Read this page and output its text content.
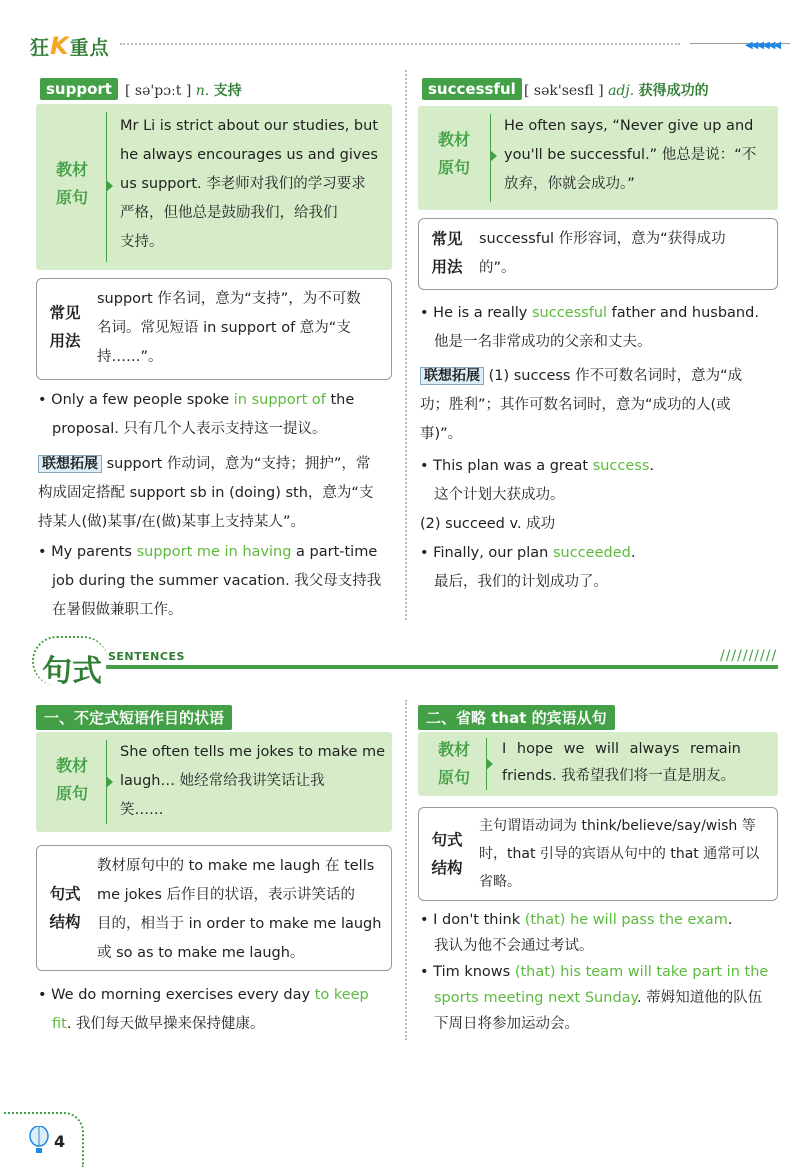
狂K重点	◀◀◀◀◀◀
support [ sə'pɔːt ] n. 支持
教材
原句
Mr Li is strict about our studies, but
he always encourages us and gives
us support. 李老师对我们的学习要求
严格，但他总是鼓励我们，给我们
支持。
常见
用法
support 作名词，意为“支持”，为不可数
名词。常见短语 in support of 意为“支
持……”。
• Only a few people spoke in support of the
proposal. 只有几个人表示支持这一提议。
联想拓展 support 作动词，意为“支持；拥护”，常
构成固定搭配 support sb in (doing) sth，意为“支
持某人(做)某事/在(做)某事上支持某人”。
• My parents support me in having a part-time
job during the summer vacation. 我父母支持我
在暑假做兼职工作。
successful [ sək'sesfl ] adj. 获得成功的
教材
原句
He often says, “Never give up and
you'll be successful.” 他总是说：“不
放弃，你就会成功。”
常见
用法
successful 作形容词，意为“获得成功
的”。
• He is a really successful father and husband.
他是一名非常成功的父亲和丈夫。
联想拓展 (1) success 作不可数名词时，意为“成
功；胜利”；其作可数名词时，意为“成功的人(或
事)”。
• This plan was a great success.
这个计划大获成功。
(2) succeed v. 成功
• Finally, our plan succeeded.
最后，我们的计划成功了。
句式 SENTENCES	//////////
一、不定式短语作目的状语
教材
原句
She often tells me jokes to make me
laugh… 她经常给我讲笑话让我
笑……
句式
结构
教材原句中的 to make me laugh 在 tells
me jokes 后作目的状语，表示讲笑话的
目的，相当于 in order to make me laugh
或 so as to make me laugh。
• We do morning exercises every day to keep
fit. 我们每天做早操来保持健康。
二、省略 that 的宾语从句
教材
原句
I hope we will always remain
friends. 我希望我们将一直是朋友。
句式
结构
主句谓语动词为 think/believe/say/wish 等
时，that 引导的宾语从句中的 that 通常可以
省略。
• I don't think (that) he will pass the exam.
我认为他不会通过考试。
• Tim knows (that) his team will take part in the
sports meeting next Sunday. 蒂姆知道他的队伍
下周日将参加运动会。
4
